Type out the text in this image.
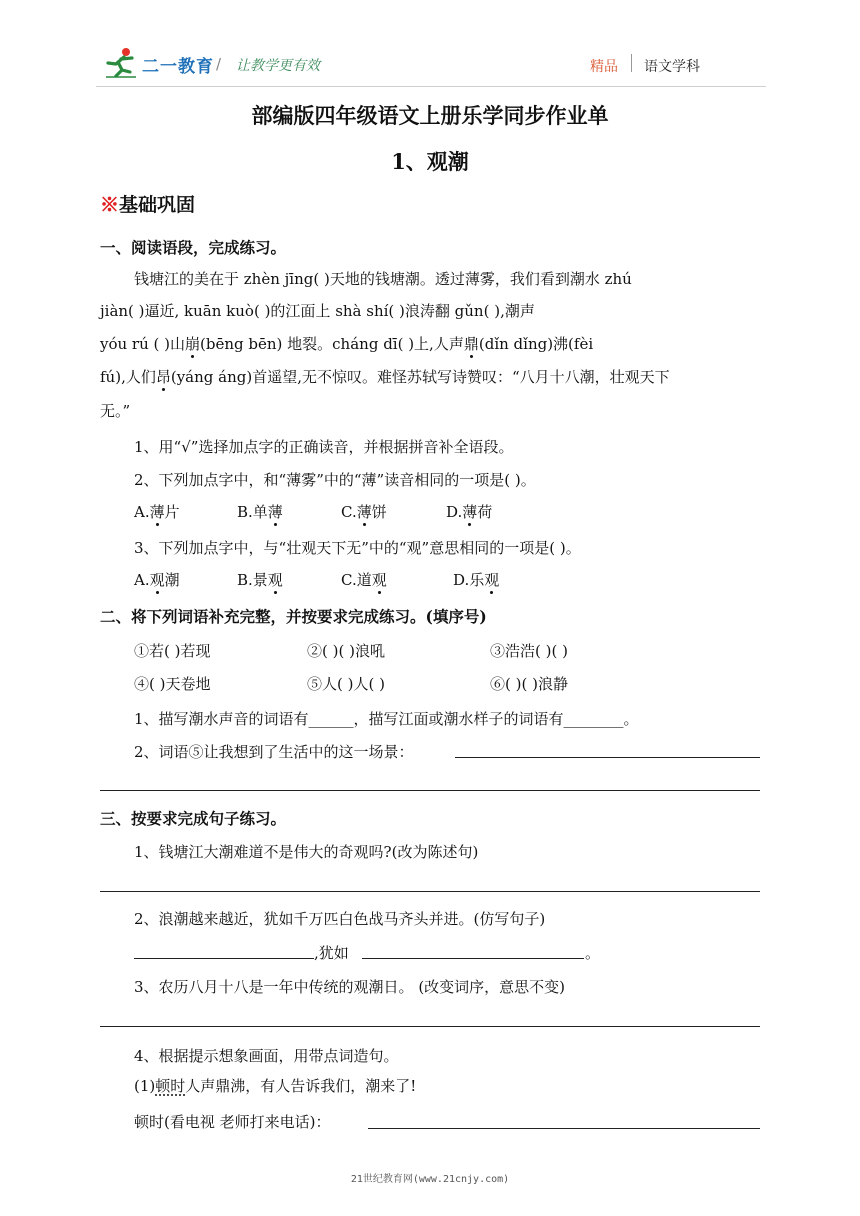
二一教育 / 让教学更有效	精品 语文学科
部编版四年级语文上册乐学同步作业单
1、观潮
※基础巩固
一、阅读语段，完成练习。
钱塘江的美在于 zhèn jīng( )天地的钱塘潮。透过薄雾，我们看到潮水 zhú
jiàn( )逼近, kuān kuò( )的江面上 shà shí( )浪涛翻 gǔn( ),潮声
yóu rú ( )山崩(bēng bēn) 地裂。cháng dī( )上,人声鼎(dǐn dǐng)沸(fèi
fú),人们昂(yáng áng)首遥望,无不惊叹。难怪苏轼写诗赞叹：“八月十八潮，壮观天下
无。”
1、用“√”选择加点字的正确读音，并根据拼音补全语段。
2、下列加点字中，和“薄雾”中的“薄”读音相同的一项是( )。
A.薄片	B.单薄	C.薄饼	D.薄荷
3、下列加点字中，与“壮观天下无”中的“观”意思相同的一项是( )。
A.观潮	B.景观	C.道观	D.乐观
二、将下列词语补充完整，并按要求完成练习。(填序号)
①若( )若现	②( )( )浪吼	③浩浩( )( )
④( )天卷地	⑤人( )人( )	⑥( )( )浪静
1、描写潮水声音的词语有______，描写江面或潮水样子的词语有________。
2、词语⑤让我想到了生活中的这一场景：
三、按要求完成句子练习。
1、钱塘江大潮难道不是伟大的奇观吗?(改为陈述句)
2、浪潮越来越近，犹如千万匹白色战马齐头并进。(仿写句子)
,犹如	。
3、农历八月十八是一年中传统的观潮日。 (改变词序，意思不变)
4、根据提示想象画面，用带点词造句。
(1)顿时人声鼎沸，有人告诉我们，潮来了!
顿时(看电视 老师打来电话)：
21世纪教育网(www.21cnjy.com)
